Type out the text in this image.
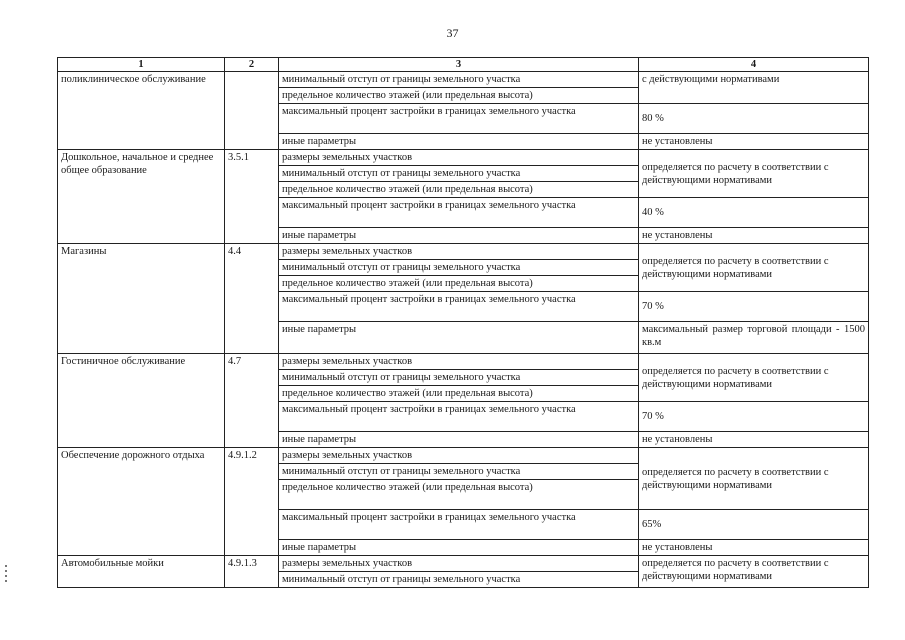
37
1	2	3	4
поликлиническое обслуживание		минимальный отступ от границы земельного участка	с действующими нормативами
		предельное количество этажей (или предельная высота)	
		максимальный процент застройки в границах земельного участка	80 %
		иные параметры	не установлены
Дошкольное, начальное и среднее общее образование	3.5.1	размеры земельных участков	определяется по расчету в соответствии с действующими нормативами
		минимальный отступ от границы земельного участка	
		предельное количество этажей (или предельная высота)	
		максимальный процент застройки в границах земельного участка	40 %
		иные параметры	не установлены
Магазины	4.4	размеры земельных участков	определяется по расчету в соответствии с действующими нормативами
		минимальный отступ от границы земельного участка	
		предельное количество этажей (или предельная высота)	
		максимальный процент застройки в границах земельного участка	70 %
		иные параметры	максимальный размер торговой площади - 1500 кв.м

Гостиничное обслуживание	4.7	размеры земельных участков	определяется по расчету в соответствии с действующими нормативами
		минимальный отступ от границы земельного участка	
		предельное количество этажей (или предельная высота)	
		максимальный процент застройки в границах земельного участка	70 %
		иные параметры	не установлены
Обеспечение дорожного отдыха	4.9.1.2	размеры земельных участков	определяется по расчету в соответствии с действующими нормативами
		минимальный отступ от границы земельного участка	
		предельное количество этажей (или предельная высота)	
		максимальный процент застройки в границах земельного участка	65%
		иные параметры	не установлены
Автомобильные мойки	4.9.1.3	размеры земельных участков	определяется по расчету в соответствии с действующими нормативами
		минимальный отступ от границы земельного участка	
